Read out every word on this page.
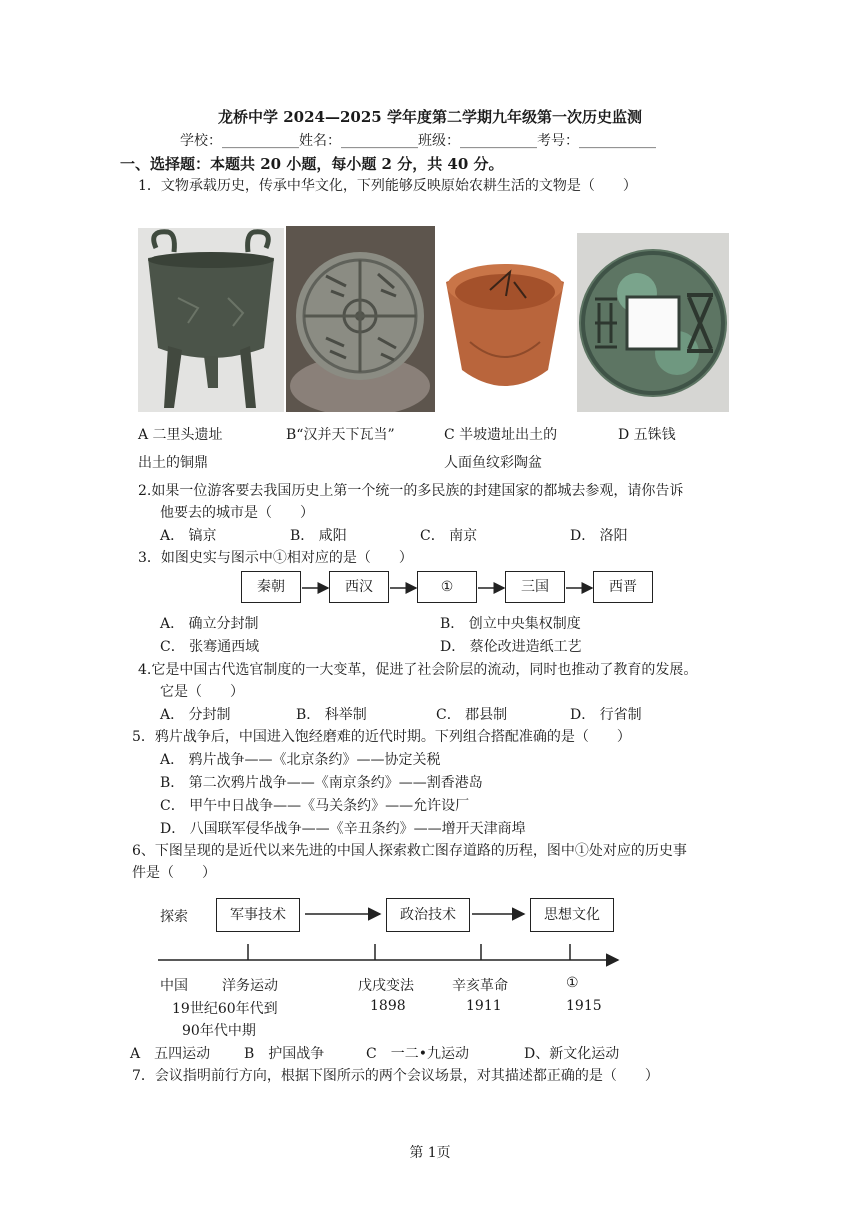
龙桥中学 2024—2025 学年度第二学期九年级第一次历史监测
学校：___________姓名：___________班级：___________考号：___________
一、选择题：本题共 20 小题，每小题 2 分，共 40 分。
1．文物承载历史，传承中华文化，下列能够反映原始农耕生活的文物是（　　）
A 二里头遗址
出土的铜鼎
B“汉并天下瓦当”	C 半坡遗址出土的
人面鱼纹彩陶盆
D 五铢钱
2.如果一位游客要去我国历史上第一个统一的多民族的封建国家的都城去参观，请你告诉
他要去的城市是（　　）
A． 镐京	B． 咸阳	C． 南京	D． 洛阳
3．如图史实与图示中①相对应的是（　　）
秦朝	西汉	①	三国	西晋
A． 确立分封制	B． 创立中央集权制度
C． 张骞通西域	D． 蔡伦改进造纸工艺
4.它是中国古代选官制度的一大变革，促进了社会阶层的流动，同时也推动了教育的发展。
它是（　　）
A． 分封制	B． 科举制	C． 郡县制	D． 行省制
5．鸦片战争后，中国进入饱经磨难的近代时期。下列组合搭配准确的是（　　）
A． 鸦片战争——《北京条约》——协定关税
B． 第二次鸦片战争——《南京条约》——割香港岛
C． 甲午中日战争——《马关条约》——允许设厂
D． 八国联军侵华战争——《辛丑条约》——增开天津商埠
6、下图呈现的是近代以来先进的中国人探索救亡图存道路的历程，图中①处对应的历史事
件是（　　）
探索	军事技术	政治技术	思想文化
中国 洋务运动	戊戌变法	辛亥革命	①
19世纪60年代到	1898	1911	1915
90年代中期
A　五四运动 B　护国战争	C　一二•九运动	D、新文化运动
7．会议指明前行方向，根据下图所示的两个会议场景，对其描述都正确的是（　　）
第 1页
